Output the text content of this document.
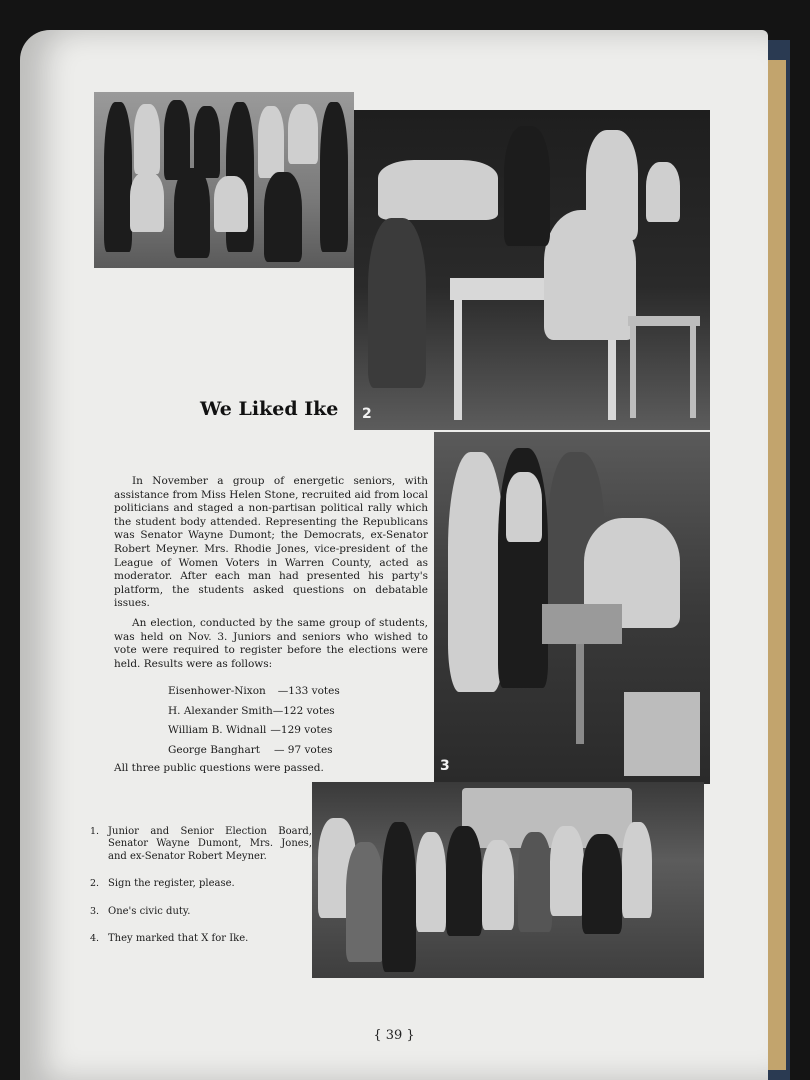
2
3
We Liked Ike

In November a group of energetic seniors, with assistance from Miss Helen Stone, recruited aid from local politicians and staged a non-partisan political rally which the student body attended. Representing the Republicans was Senator Wayne Dumont; the Democrats, ex-Senator Robert Meyner. Mrs. Rhodie Jones, vice-president of the League of Women Voters in Warren County, acted as moderator. After each man had presented his party's platform, the students asked questions on debatable issues.

An election, conducted by the same group of students, was held on Nov. 3. Juniors and seniors who wished to vote were required to register before the elections were held. Results were as follows:

Eisenhower-Nixon —133 votes
H. Alexander Smith —122 votes
William B. Widnall —129 votes
George Banghart — 97 votes
All three public questions were passed.
1. Junior and Senior Election Board, Senator Wayne Dumont, Mrs. Jones, and ex-Senator Robert Meyner.
2. Sign the register, please.
3. One's civic duty.
4. They marked that X for Ike.
{ 39 }
